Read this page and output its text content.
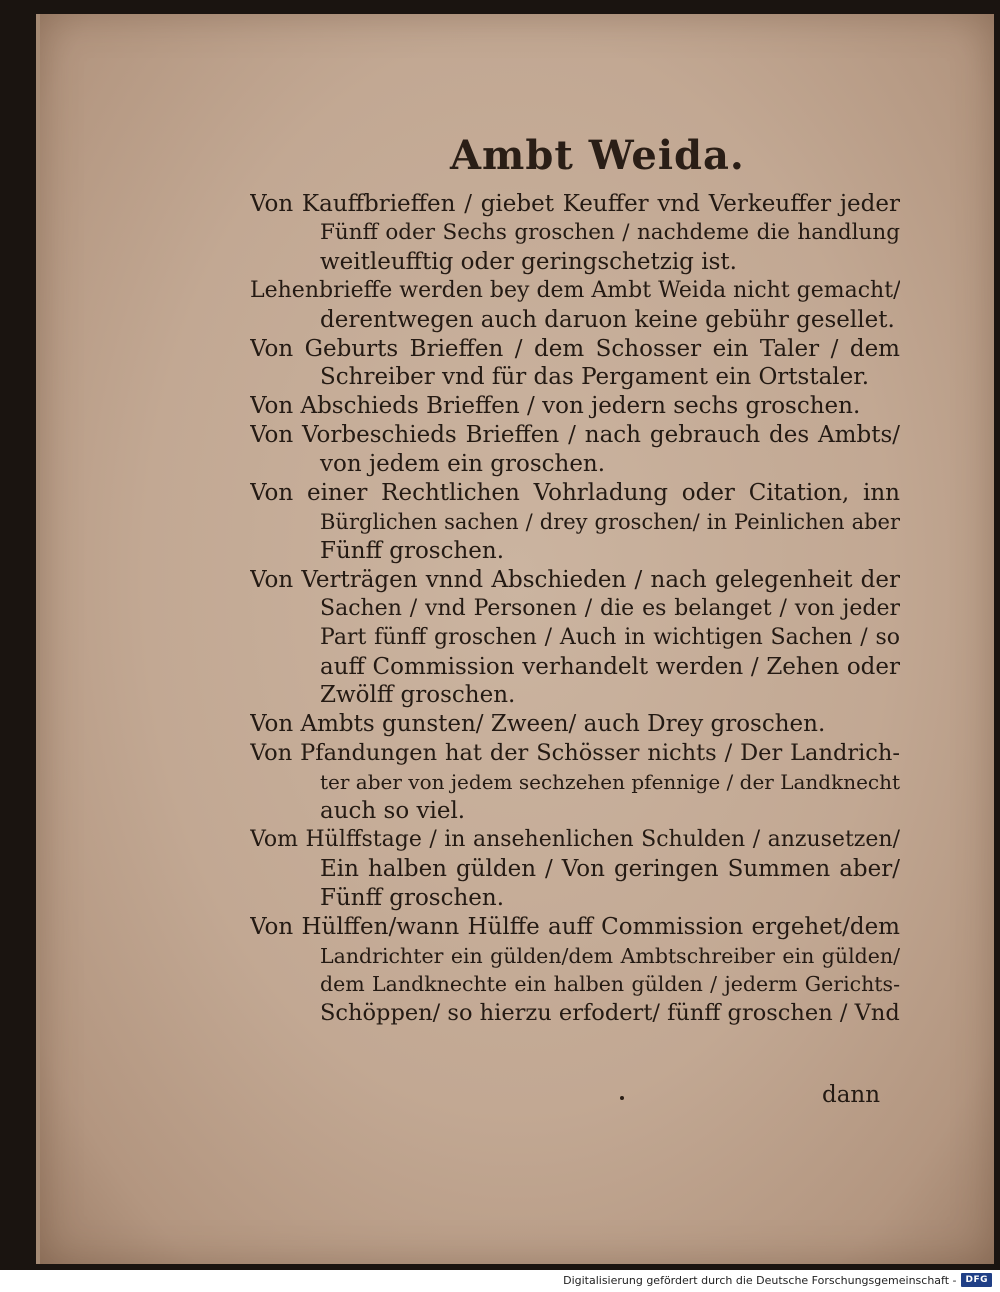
Ambt Weida.
Von Kauffbrieffen / giebet Keuffer vnd Verkeuffer jeder
Fünff oder Sechs groschen / nachdeme die handlung
weitleufftig oder geringschetzig ist.
Lehenbrieffe werden bey dem Ambt Weida nicht gemacht/
derentwegen auch daruon keine gebühr gesellet.
Von Geburts Brieffen / dem Schosser ein Taler / dem
Schreiber vnd für das Pergament ein Ortstaler.
Von Abschieds Brieffen / von jedern sechs groschen.
Von Vorbeschieds Brieffen / nach gebrauch des Ambts/
von jedem ein groschen.
Von einer Rechtlichen Vohrladung oder Citation, inn
Bürglichen sachen / drey groschen/ in Peinlichen aber
Fünff groschen.
Von Verträgen vnnd Abschieden / nach gelegenheit der
Sachen / vnd Personen / die es belanget / von jeder
Part fünff groschen / Auch in wichtigen Sachen / so
auff Commission verhandelt werden / Zehen oder
Zwölff groschen.
Von Ambts gunsten/ Zween/ auch Drey groschen.
Von Pfandungen hat der Schösser nichts / Der Landrich-
ter aber von jedem sechzehen pfennige / der Landknecht
auch so viel.
Vom Hülffstage / in ansehenlichen Schulden / anzusetzen/
Ein halben gülden / Von geringen Summen aber/
Fünff groschen.
Von Hülffen/wann Hülffe auff Commission ergehet/dem
Landrichter ein gülden/dem Ambtschreiber ein gülden/
dem Landknechte ein halben gülden / jederm Gerichts-
Schöppen/ so hierzu erfodert/ fünff groschen / Vnd
dann
Digitalisierung gefördert durch die Deutsche Forschungsgemeinschaft -	DFG
